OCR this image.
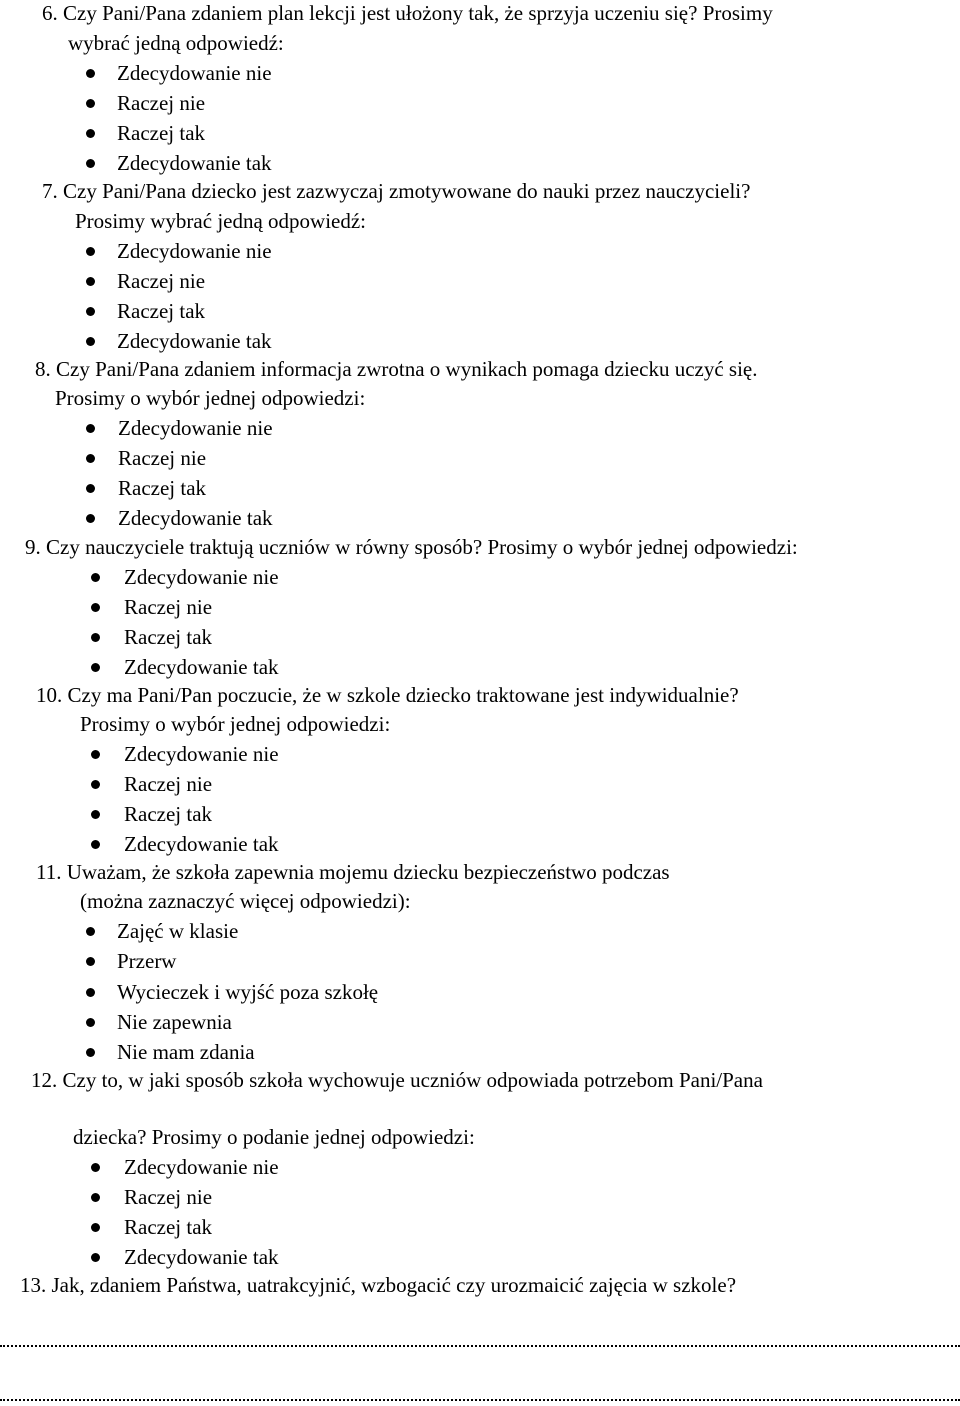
6. Czy Pani/Pana zdaniem plan lekcji jest ułożony tak, że sprzyja uczeniu się? Prosimy

wybrać jedną odpowiedź:

Zdecydowanie nie
Raczej nie
Raczej tak
Zdecydowanie tak

7. Czy Pani/Pana dziecko jest zazwyczaj zmotywowane do nauki przez nauczycieli?

Prosimy wybrać jedną odpowiedź:

Zdecydowanie nie
Raczej nie
Raczej tak
Zdecydowanie tak

8. Czy Pani/Pana zdaniem informacja zwrotna o wynikach pomaga dziecku uczyć się.

Prosimy o wybór jednej odpowiedzi:

Zdecydowanie nie
Raczej nie
Raczej tak
Zdecydowanie tak

9. Czy nauczyciele traktują uczniów w równy sposób? Prosimy o wybór jednej odpowiedzi:

Zdecydowanie nie
Raczej nie
Raczej tak
Zdecydowanie tak

10. Czy ma Pani/Pan poczucie, że w szkole dziecko traktowane jest indywidualnie?

Prosimy o wybór jednej odpowiedzi:

Zdecydowanie nie
Raczej nie
Raczej tak
Zdecydowanie tak

11. Uważam, że szkoła zapewnia mojemu dziecku bezpieczeństwo podczas

(można zaznaczyć więcej odpowiedzi):

Zajęć w klasie
Przerw
Wycieczek i wyjść poza szkołę
Nie zapewnia
Nie mam zdania

12. Czy to, w jaki sposób szkoła wychowuje uczniów odpowiada potrzebom Pani/Pana

dziecka? Prosimy o podanie jednej odpowiedzi:

Zdecydowanie nie
Raczej nie
Raczej tak
Zdecydowanie tak

13. Jak, zdaniem Państwa, uatrakcyjnić, wzbogacić czy urozmaicić zajęcia w szkole?
